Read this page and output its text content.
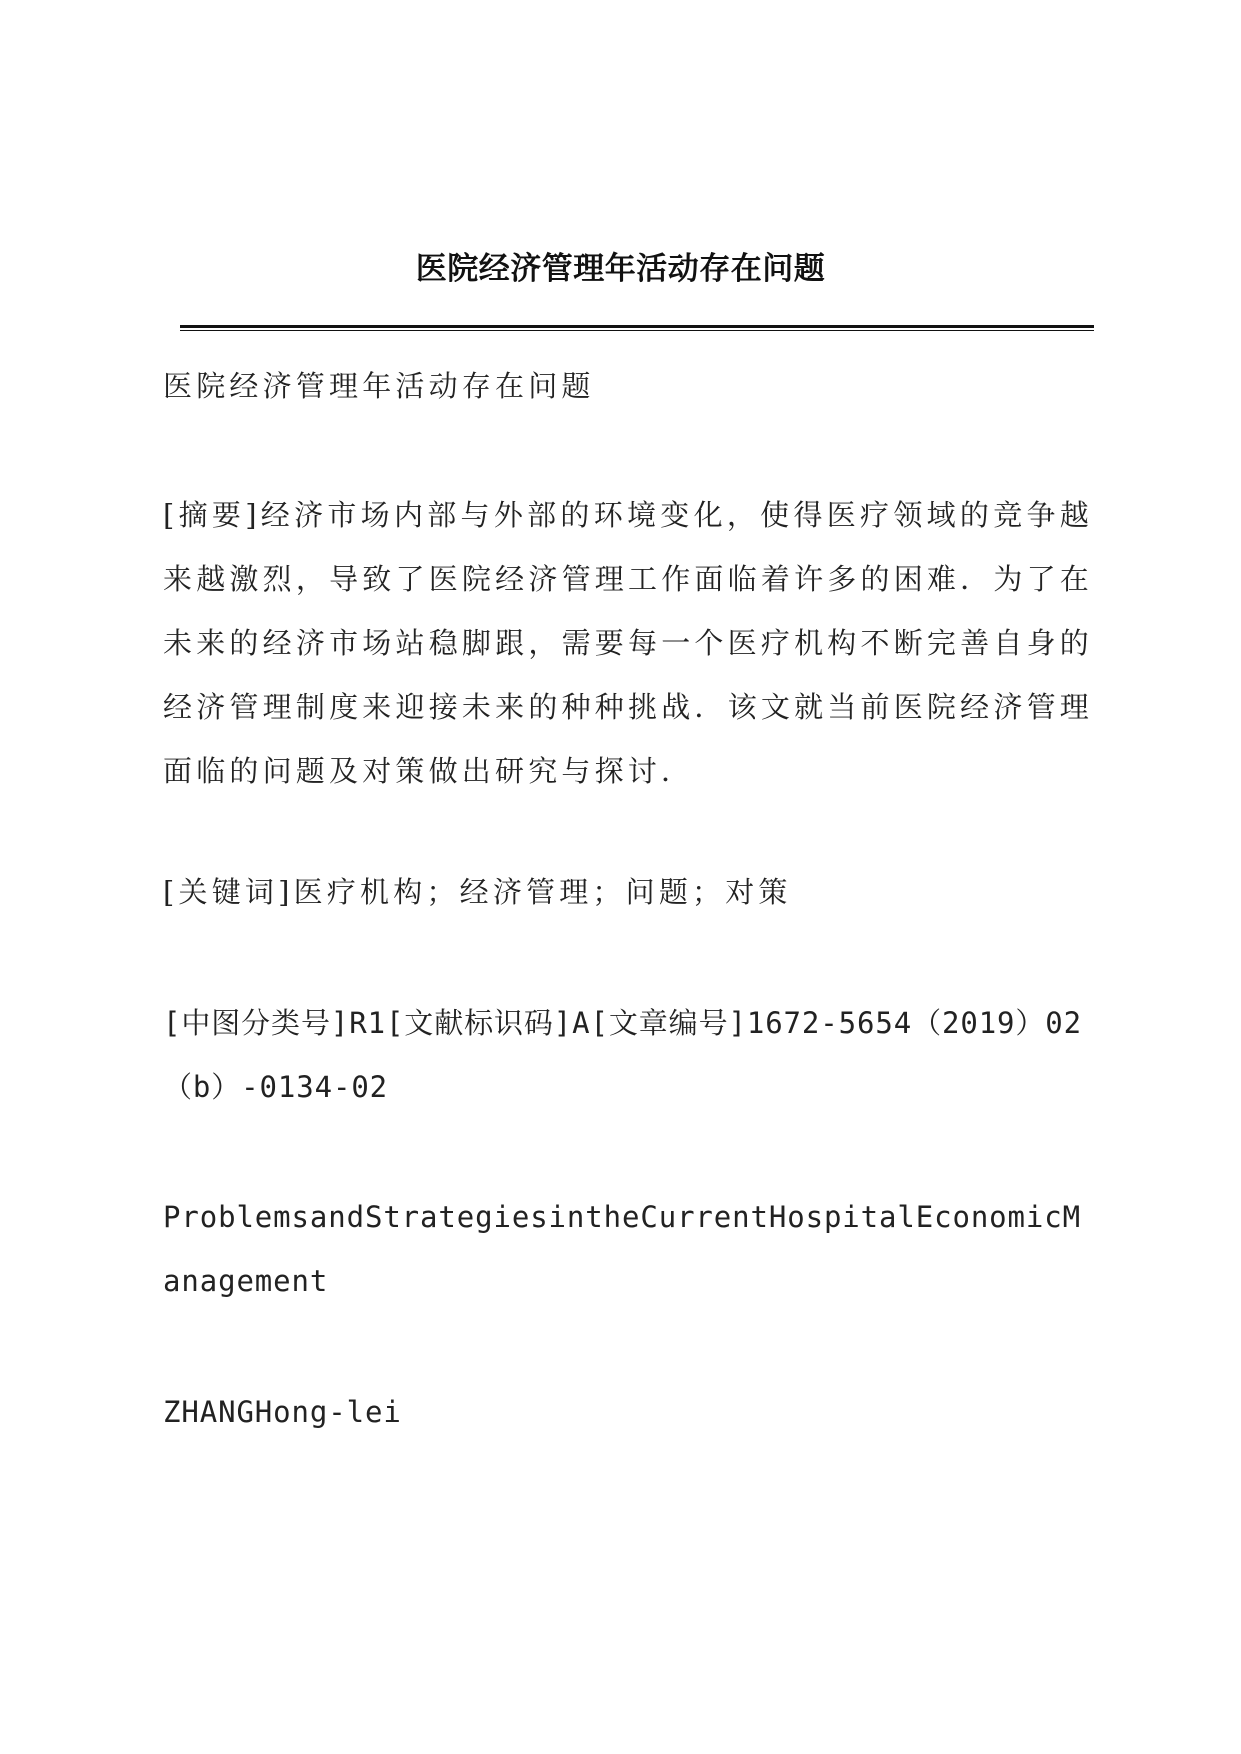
医院经济管理年活动存在问题

医院经济管理年活动存在问题

[摘要]经济市场内部与外部的环境变化，使得医疗领域的竞争越来越激烈，导致了医院经济管理工作面临着许多的困难．为了在未来的经济市场站稳脚跟，需要每一个医疗机构不断完善自身的经济管理制度来迎接未来的种种挑战．该文就当前医院经济管理面临的问题及对策做出研究与探讨．

[关键词]医疗机构；经济管理；问题；对策

[中图分类号]R1[文献标识码]A[文章编号]1672-5654（2019）02（b）-0134-02

ProblemsandStrategiesintheCurrentHospitalEconomicManagement

ZHANGHong-lei
